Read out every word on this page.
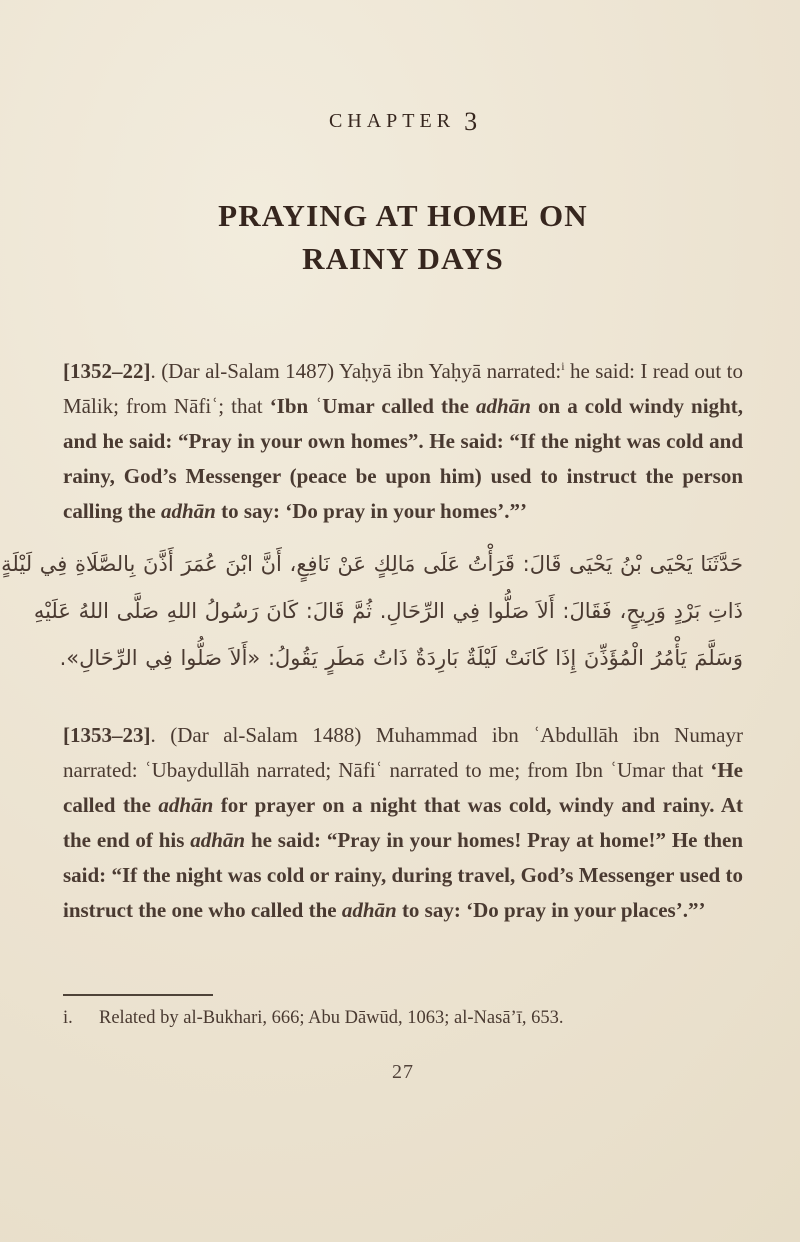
CHAPTER 3
PRAYING AT HOME ON
RAINY DAYS

[1352–22]. (Dar al-Salam 1487) Yaḥyā ibn Yaḥyā narrated:$^i$ he said: I read out to Mālik; from Nāfiʿ; that ‘Ibn ʿUmar called the adhān on a cold windy night, and he said: “Pray in your own homes”. He said: “If the night was cold and rainy, God’s Messenger (peace be upon him) used to instruct the person calling the adhān to say: ‘Do pray in your homes’.”’

حَدَّثَنَا يَحْيَى بْنُ يَحْيَى قَالَ: قَرَأْتُ عَلَى مَالِكٍ عَنْ نَافِعٍ، أَنَّ ابْنَ عُمَرَ أَذَّنَ بِالصَّلَاةِ فِي لَيْلَةٍ
ذَاتِ بَرْدٍ وَرِيحٍ، فَقَالَ: أَلاَ صَلُّوا فِي الرِّحَالِ. ثُمَّ قَالَ: كَانَ رَسُولُ اللهِ صَلَّى اللهُ عَلَيْهِ
وَسَلَّمَ يَأْمُرُ الْمُؤَذِّنَ إِذَا كَانَتْ لَيْلَةٌ بَارِدَةٌ ذَاتُ مَطَرٍ يَقُولُ: «أَلاَ صَلُّوا فِي الرِّحَالِ».

[1353–23]. (Dar al-Salam 1488) Muhammad ibn ʿAbdullāh ibn Numayr narrated: ʿUbaydullāh narrated; Nāfiʿ narrated to me; from Ibn ʿUmar that ‘He called the adhān for prayer on a night that was cold, windy and rainy. At the end of his adhān he said: “Pray in your homes! Pray at home!” He then said: “If the night was cold or rainy, during travel, God’s Messenger used to instruct the one who called the adhān to say: ‘Do pray in your places’.”’

i. Related by al-Bukhari, 666; Abu Dāwūd, 1063; al-Nasā’ī, 653.
27
